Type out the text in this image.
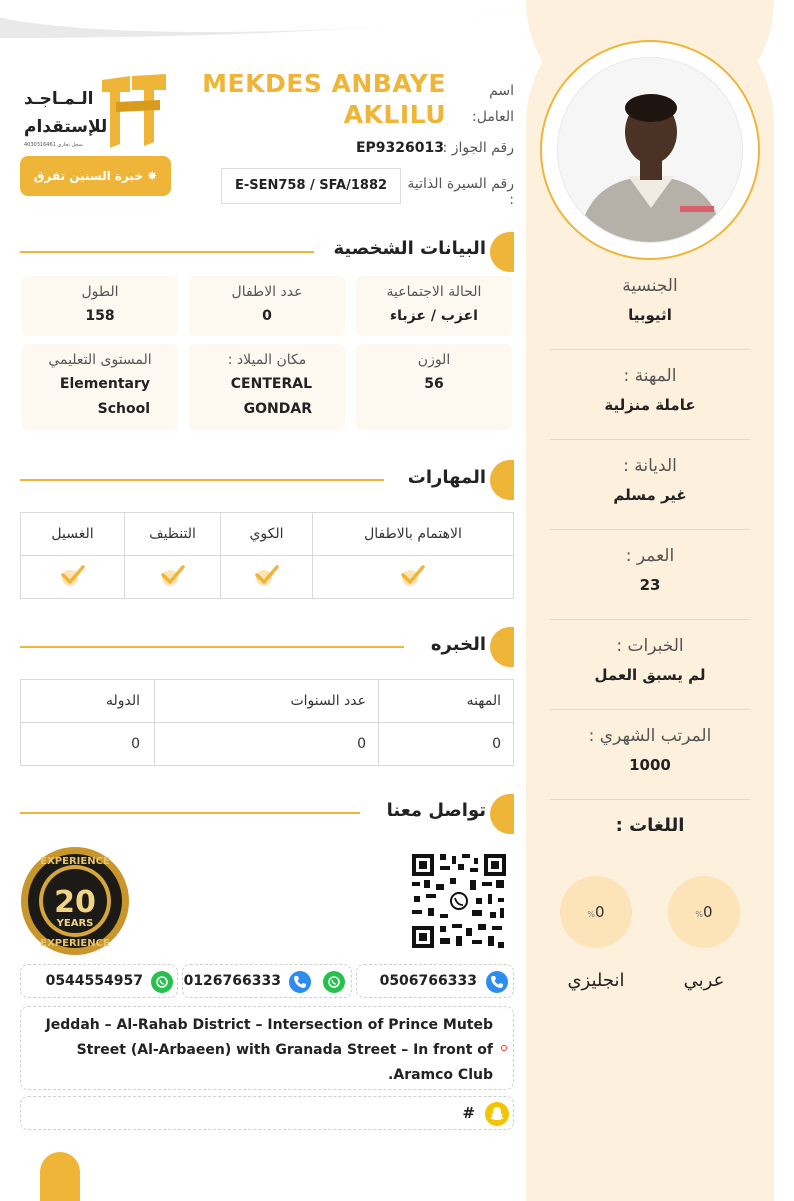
الجنسية
اثيوبيا
المهنة :
عاملة منزلية
الديانة :
غير مسلم
العمر :
23
الخبرات :
لم يسبق العمل
المرتب الشهري :
1000
اللغات :
%0
عربي
%0
انجليزي
MEKDES ANBAYE AKLILU
اسم العامل:
رقم الجواز :
EP9326013
رقم السيرة الذاتية :
E-SEN758 / SFA/1882
الـمـاجـد
للإستقدام
سجل تجاري 4030316461
✸ خبرة السنين تفرق
البيانات الشخصية
الحالة الاجتماعية
اعزب / عزباء
عدد الاطفال
0
الطول
158
الوزن
56
مكان الميلاد :
CENTERAL GONDAR
المستوى التعليمي
Elementary School
المهارات
الغسيل	التنظيف	الكوي	الاهتمام بالاطفال

الخبره
الدوله	عدد السنوات	المهنه
0	0	0
تواصل معنا
EXPERIENCE
20
YEARS
EXPERIENCE
0506766333
0126766333
0544554957
Jeddah – Al-Rahab District – Intersection of Prince Muteb Street (Al-Arbaeen) with Granada Street – In front of Aramco Club.
#
